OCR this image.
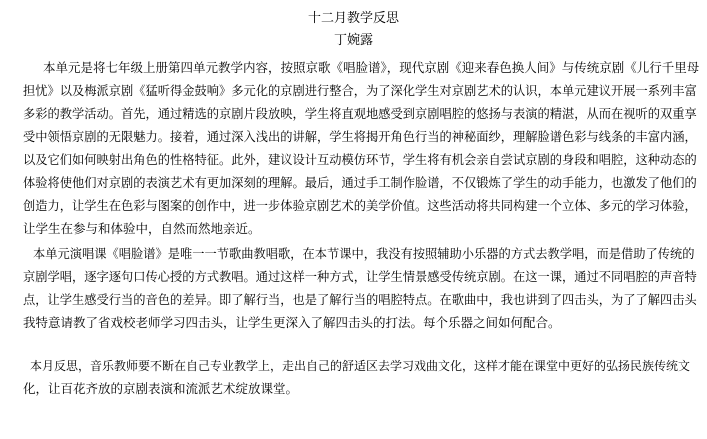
十二月教学反思
丁婉露
本单元是将七年级上册第四单元教学内容，按照京歌《唱脸谱》，现代京剧《迎来春色换人间》与传统京剧《儿行千里母
担忧》以及梅派京剧《猛听得金鼓响》多元化的京剧进行整合，为了深化学生对京剧艺术的认识，本单元建议开展一系列丰富
多彩的教学活动。首先，通过精选的京剧片段放映，学生将直观地感受到京剧唱腔的悠扬与表演的精湛，从而在视听的双重享
受中领悟京剧的无限魅力。接着，通过深入浅出的讲解，学生将揭开角色行当的神秘面纱，理解脸谱色彩与线条的丰富内涵，
以及它们如何映射出角色的性格特征。此外，建议设计互动模仿环节，学生将有机会亲自尝试京剧的身段和唱腔，这种动态的
体验将使他们对京剧的表演艺术有更加深刻的理解。最后，通过手工制作脸谱，不仅锻炼了学生的动手能力，也激发了他们的
创造力，让学生在色彩与图案的创作中，进一步体验京剧艺术的美学价值。这些活动将共同构建一个立体、多元的学习体验，
让学生在参与和体验中，自然而然地亲近。
本单元演唱课《唱脸谱》是唯一一节歌曲教唱歌，在本节课中，我没有按照辅助小乐器的方式去教学唱，而是借助了传统的
京剧学唱，逐字逐句口传心授的方式教唱。通过这样一种方式，让学生情景感受传统京剧。在这一课，通过不同唱腔的声音特
点，让学生感受行当的音色的差异。即了解行当，也是了解行当的唱腔特点。在歌曲中，我也讲到了四击头，为了了解四击头
我特意请教了省戏校老师学习四击头，让学生更深入了解四击头的打法。每个乐器之间如何配合。
本月反思，音乐教师要不断在自己专业教学上，走出自己的舒适区去学习戏曲文化，这样才能在课堂中更好的弘扬民族传统文
化，让百花齐放的京剧表演和流派艺术绽放课堂。
